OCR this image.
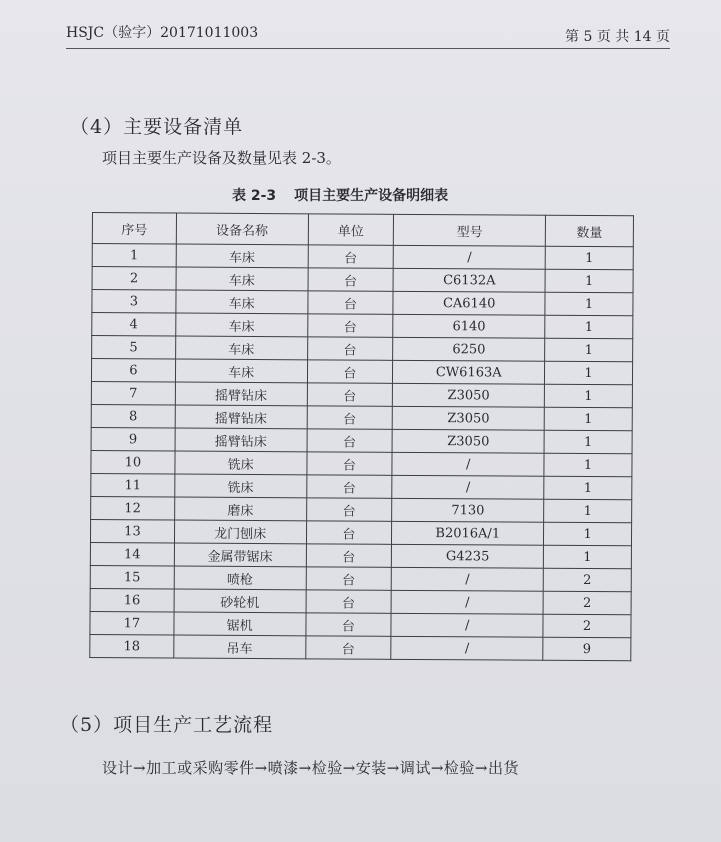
HSJC（验字）20171011003	第 5 页 共 14 页
（4）主要设备清单
项目主要生产设备及数量见表 2-3。
表 2-3 项目主要生产设备明细表
序号	设备名称	单位	型号	数量
1	车床	台	/	1
2	车床	台	C6132A	1
3	车床	台	CA6140	1
4	车床	台	6140	1
5	车床	台	6250	1
6	车床	台	CW6163A	1
7	摇臂钻床	台	Z3050	1
8	摇臂钻床	台	Z3050	1
9	摇臂钻床	台	Z3050	1
10	铣床	台	/	1
11	铣床	台	/	1
12	磨床	台	7130	1
13	龙门刨床	台	B2016A/1	1
14	金属带锯床	台	G4235	1
15	喷枪	台	/	2
16	砂轮机	台	/	2
17	锯机	台	/	2
18	吊车	台	/	9
（5）项目生产工艺流程
设计→加工或采购零件→喷漆→检验→安装→调试→检验→出货
